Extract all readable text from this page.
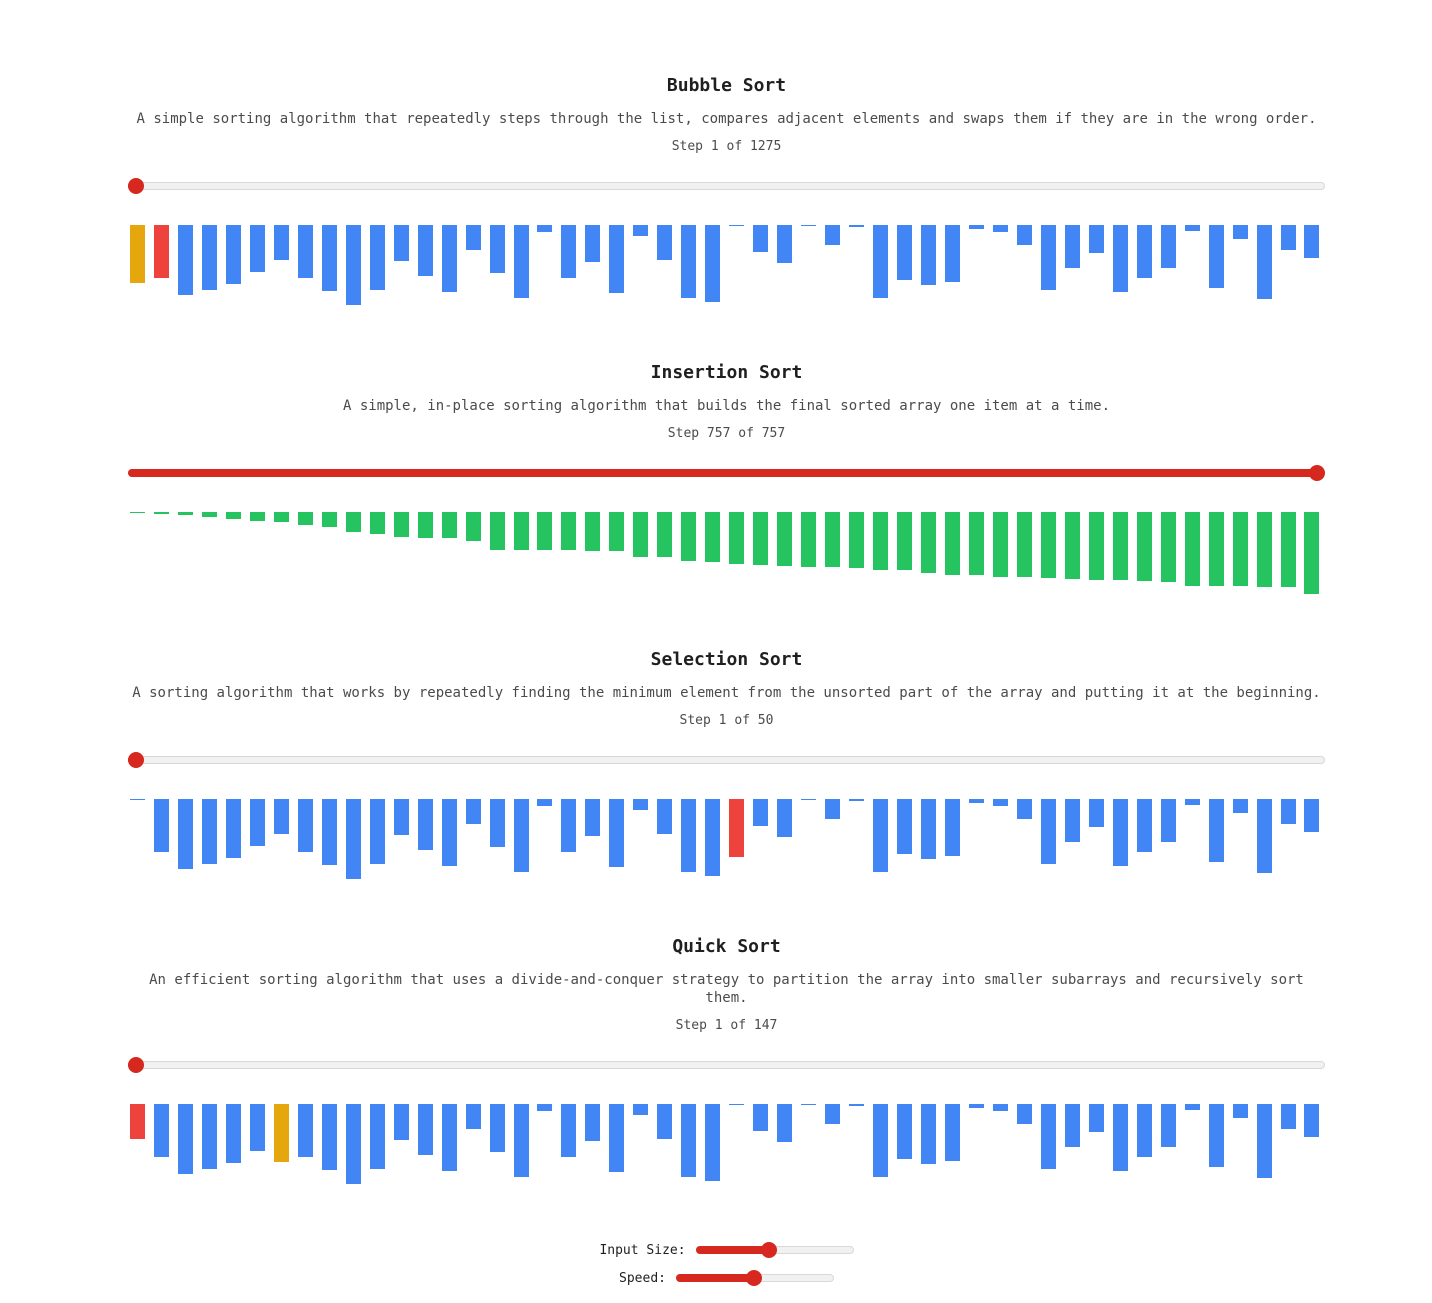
Bubble Sort

A simple sorting algorithm that repeatedly steps through the list, compares adjacent elements and swaps them if they are in the wrong order.

Step 1 of 1275

Insertion Sort

A simple, in-place sorting algorithm that builds the final sorted array one item at a time.

Step 757 of 757

Selection Sort

A sorting algorithm that works by repeatedly finding the minimum element from the unsorted part of the array and putting it at the beginning.

Step 1 of 50

Quick Sort

An efficient sorting algorithm that uses a divide-and-conquer strategy to partition the array into smaller subarrays and recursively sort them.

Step 1 of 147

Input Size:
Speed:
